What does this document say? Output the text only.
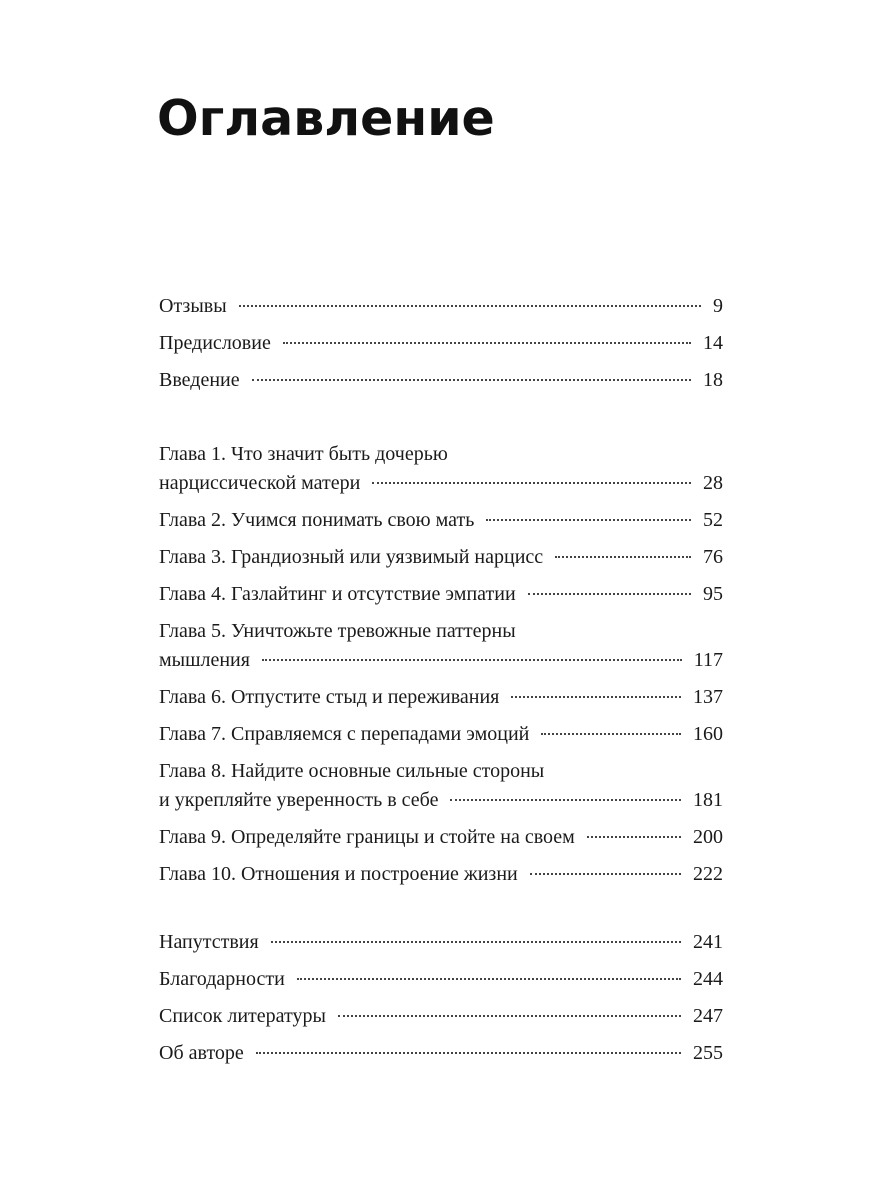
Оглавление
Отзывы	9
Предисловие	14
Введение	18
Глава 1. Что значит быть дочерью
нарциссической матери	28
Глава 2. Учимся понимать свою мать	52
Глава 3. Грандиозный или уязвимый нарцисс	76
Глава 4. Газлайтинг и отсутствие эмпатии	95
Глава 5. Уничтожьте тревожные паттерны
мышления	117
Глава 6. Отпустите стыд и переживания	137
Глава 7. Справляемся с перепадами эмоций	160
Глава 8. Найдите основные сильные стороны
и укрепляйте уверенность в себе	181
Глава 9. Определяйте границы и стойте на своем	200
Глава 10. Отношения и построение жизни	222
Напутствия	241
Благодарности	244
Список литературы	247
Об авторе	255
